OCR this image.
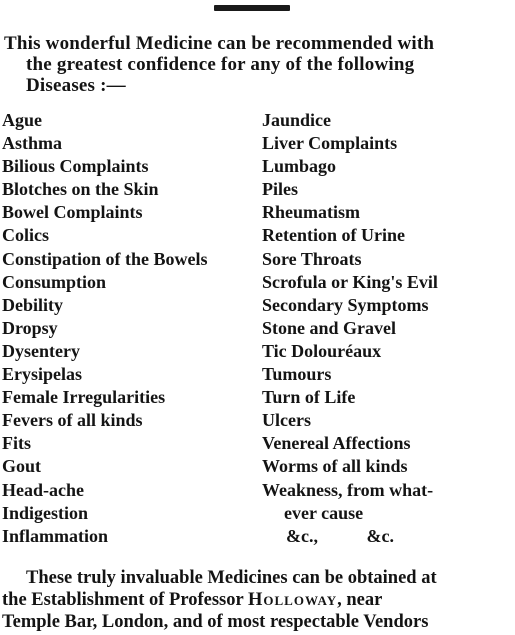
This wonderful Medicine can be recommended with
the greatest confidence for any of the following
Diseases :—
Ague
Asthma
Bilious Complaints
Blotches on the Skin
Bowel Complaints
Colics
Constipation of the Bowels
Consumption
Debility
Dropsy
Dysentery
Erysipelas
Female Irregularities
Fevers of all kinds
Fits
Gout
Head-ache
Indigestion
Inflammation
Jaundice
Liver Complaints
Lumbago
Piles
Rheumatism
Retention of Urine
Sore Throats
Scrofula or King's Evil
Secondary Symptoms
Stone and Gravel
Tic Dolouréaux
Tumours
Turn of Life
Ulcers
Venereal Affections
Worms of all kinds
Weakness, from what-
ever cause
&c.,	&c.
These truly invaluable Medicines can be obtained at
the Establishment of Professor Holloway, near
Temple Bar, London, and of most respectable Vendors
